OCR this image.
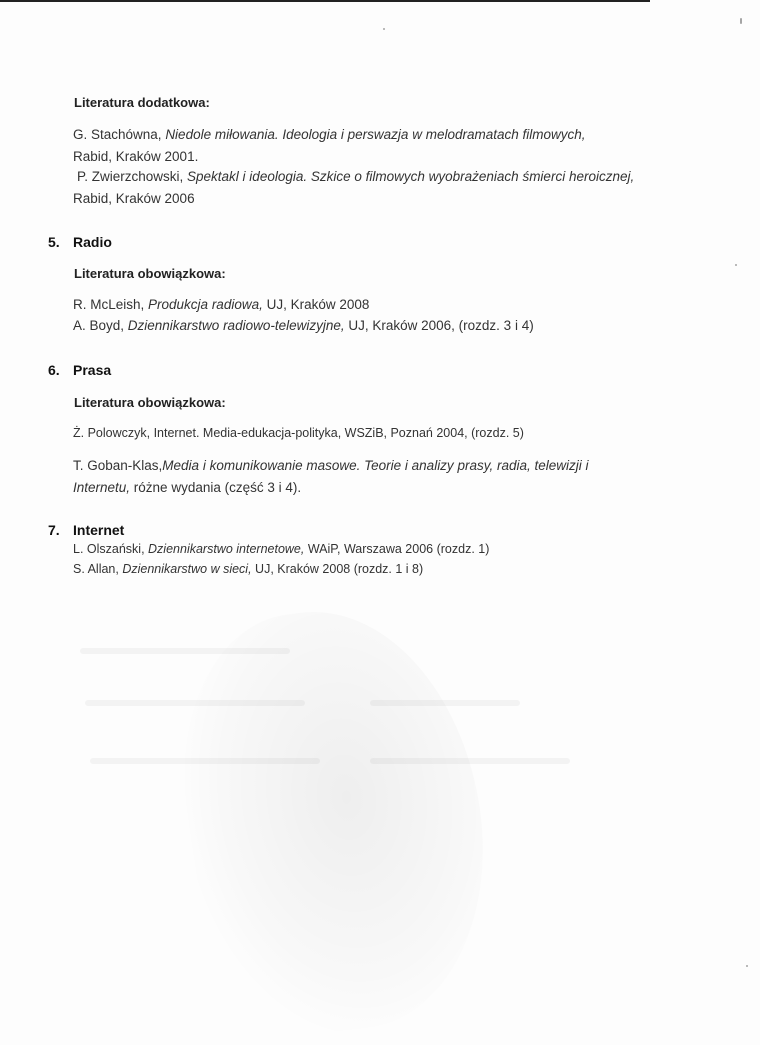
Literatura dodatkowa:
G. Stachówna, Niedole miłowania. Ideologia i perswazja w melodramatach filmowych,
Rabid, Kraków 2001.
P. Zwierzchowski, Spektakl i ideologia. Szkice o filmowych wyobrażeniach śmierci heroicznej,
Rabid, Kraków 2006
5. Radio
Literatura obowiązkowa:
R. McLeish, Produkcja radiowa, UJ, Kraków 2008
A. Boyd, Dziennikarstwo radiowo-telewizyjne, UJ, Kraków 2006, (rozdz. 3 i 4)
6. Prasa
Literatura obowiązkowa:
Ż. Polowczyk, Internet. Media-edukacja-polityka, WSZiB, Poznań 2004, (rozdz. 5)
T. Goban-Klas,Media i komunikowanie masowe. Teorie i analizy prasy, radia, telewizji i
Internetu, różne wydania (część 3 i 4).
7. Internet
L. Olszański, Dziennikarstwo internetowe, WAiP, Warszawa 2006 (rozdz. 1)
S. Allan, Dziennikarstwo w sieci, UJ, Kraków 2008 (rozdz. 1 i 8)
